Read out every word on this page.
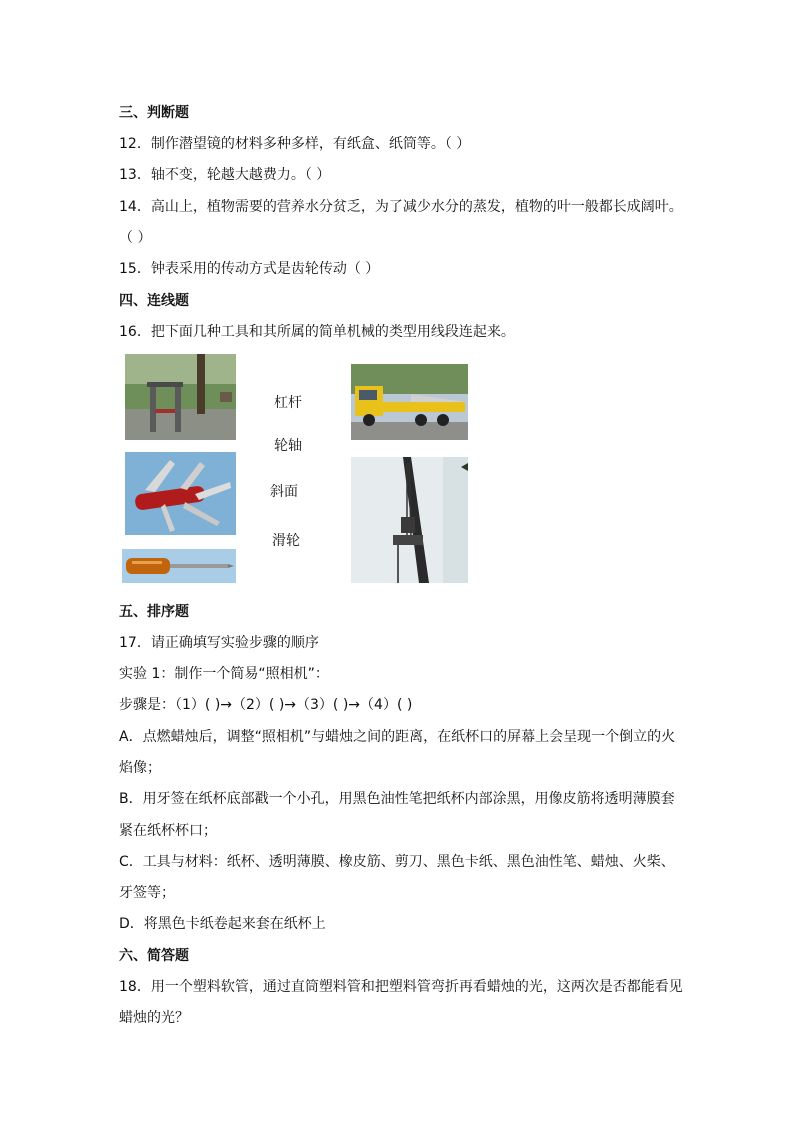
三、判断题
12．制作潜望镜的材料多种多样，有纸盒、纸筒等。（ ）
13．轴不变，轮越大越费力。（ ）
14．高山上，植物需要的营养水分贫乏，为了减少水分的蒸发，植物的叶一般都长成阔叶。
（ ）
15．钟表采用的传动方式是齿轮传动（ ）
四、连线题
16．把下面几种工具和其所属的简单机械的类型用线段连起来。
杠杆
轮轴
斜面
滑轮
五、排序题
17．请正确填写实验步骤的顺序
实验 1：制作一个简易“照相机”：
步骤是：（1）( )→（2）( )→（3）( )→（4）( )
A．点燃蜡烛后，调整“照相机”与蜡烛之间的距离，在纸杯口的屏幕上会呈现一个倒立的火
焰像；
B．用牙签在纸杯底部戳一个小孔，用黑色油性笔把纸杯内部涂黑，用像皮筋将透明薄膜套
紧在纸杯杯口；
C．工具与材料：纸杯、透明薄膜、橡皮筋、剪刀、黑色卡纸、黑色油性笔、蜡烛、火柴、
牙签等；
D．将黑色卡纸卷起来套在纸杯上
六、简答题
18．用一个塑料软管，通过直筒塑料管和把塑料管弯折再看蜡烛的光，这两次是否都能看见
蜡烛的光？
